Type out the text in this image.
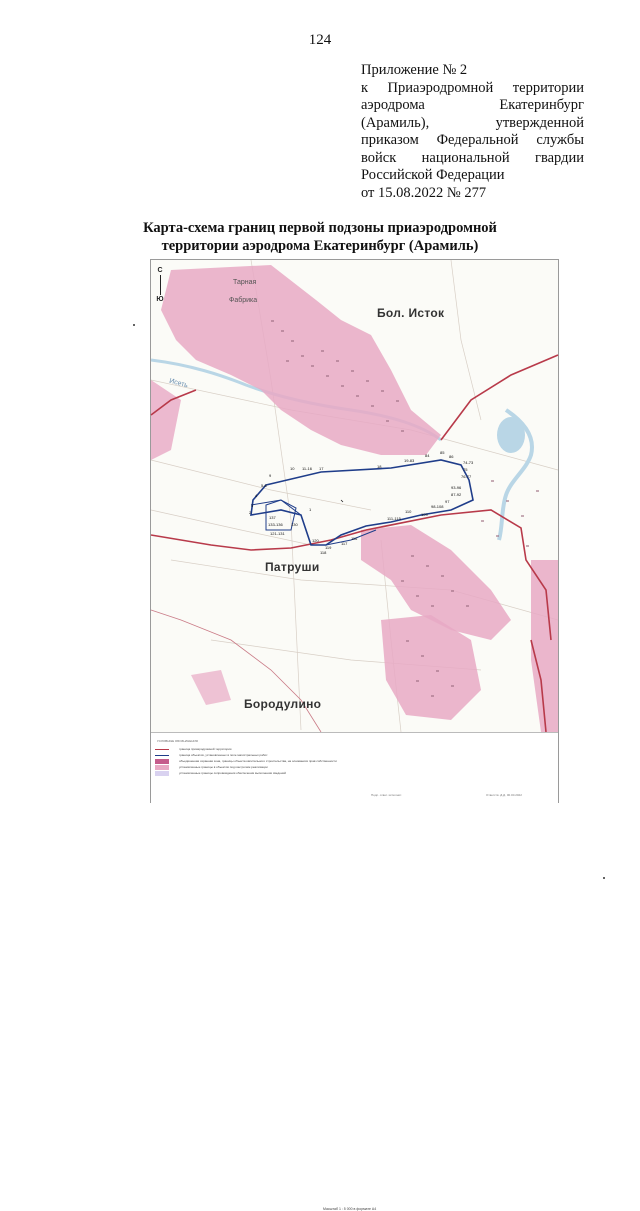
124
Приложение № 2
к Приаэродромной территории
аэродрома Екатеринбург
(Арамиль), утвержденной
приказом Федеральной службы
войск национальной гвардии
Российской Федерации
от 15.08.2022 № 277
Карта-схема границ первой подзоны приаэродромной
территории аэродрома Екатеринбург (Арамиль)
С
Ю
Тарная
Фабрика
Исеть
Бол. Исток
Патруши
Бородулино
10 11-16 17	18
19-83
84
85
86
9
5-8
4
3
2
1
137
133-136 130
121-131
120
119
118
117
116
111-115
110
109
98-108
97
87-92
93-96
76-77
75
74-73
Масштаб 1 : 5 000 в формате А4
УСЛОВНЫЕ ОБОЗНАЧЕНИЯ
граница приаэродромной территории
граница объектов, установленных в поле магистральных работ
объединенная охранная зона, границы объекта капитального строительства, на основаниях прав собственности
установленные границы в объектов под контролем реализации
установленные границы сопровождения обеспечения выполнения сведений
Подп. ответ. исполнит.	Ответств. Д.Д. 00.00.2022
